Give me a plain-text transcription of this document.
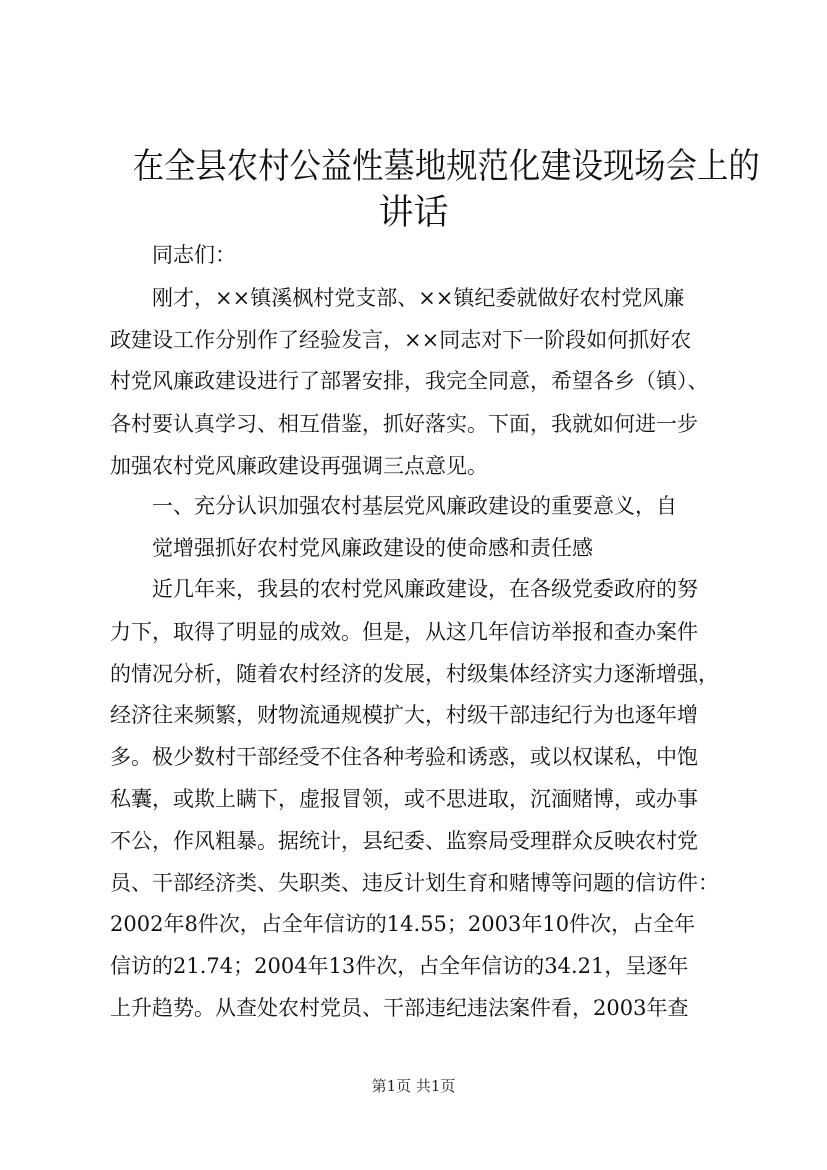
在全县农村公益性墓地规范化建设现场会上的
讲话

同志们：

刚才，××镇溪枫村党支部、××镇纪委就做好农村党风廉

政建设工作分别作了经验发言，××同志对下一阶段如何抓好农

村党风廉政建设进行了部署安排，我完全同意，希望各乡（镇）、

各村要认真学习、相互借鉴，抓好落实。下面，我就如何进一步

加强农村党风廉政建设再强调三点意见。

一、充分认识加强农村基层党风廉政建设的重要意义，自

觉增强抓好农村党风廉政建设的使命感和责任感

近几年来，我县的农村党风廉政建设，在各级党委政府的努

力下，取得了明显的成效。但是，从这几年信访举报和查办案件

的情况分析，随着农村经济的发展，村级集体经济实力逐渐增强，

经济往来频繁，财物流通规模扩大，村级干部违纪行为也逐年增

多。极少数村干部经受不住各种考验和诱惑，或以权谋私，中饱

私囊，或欺上瞒下，虚报冒领，或不思进取，沉湎赌博，或办事

不公，作风粗暴。据统计，县纪委、监察局受理群众反映农村党

员、干部经济类、失职类、违反计划生育和赌博等问题的信访件：

2002年8件次，占全年信访的14.55；2003年10件次，占全年

信访的21.74；2004年13件次，占全年信访的34.21，呈逐年

上升趋势。从查处农村党员、干部违纪违法案件看，2003年查

第1页 共1页
